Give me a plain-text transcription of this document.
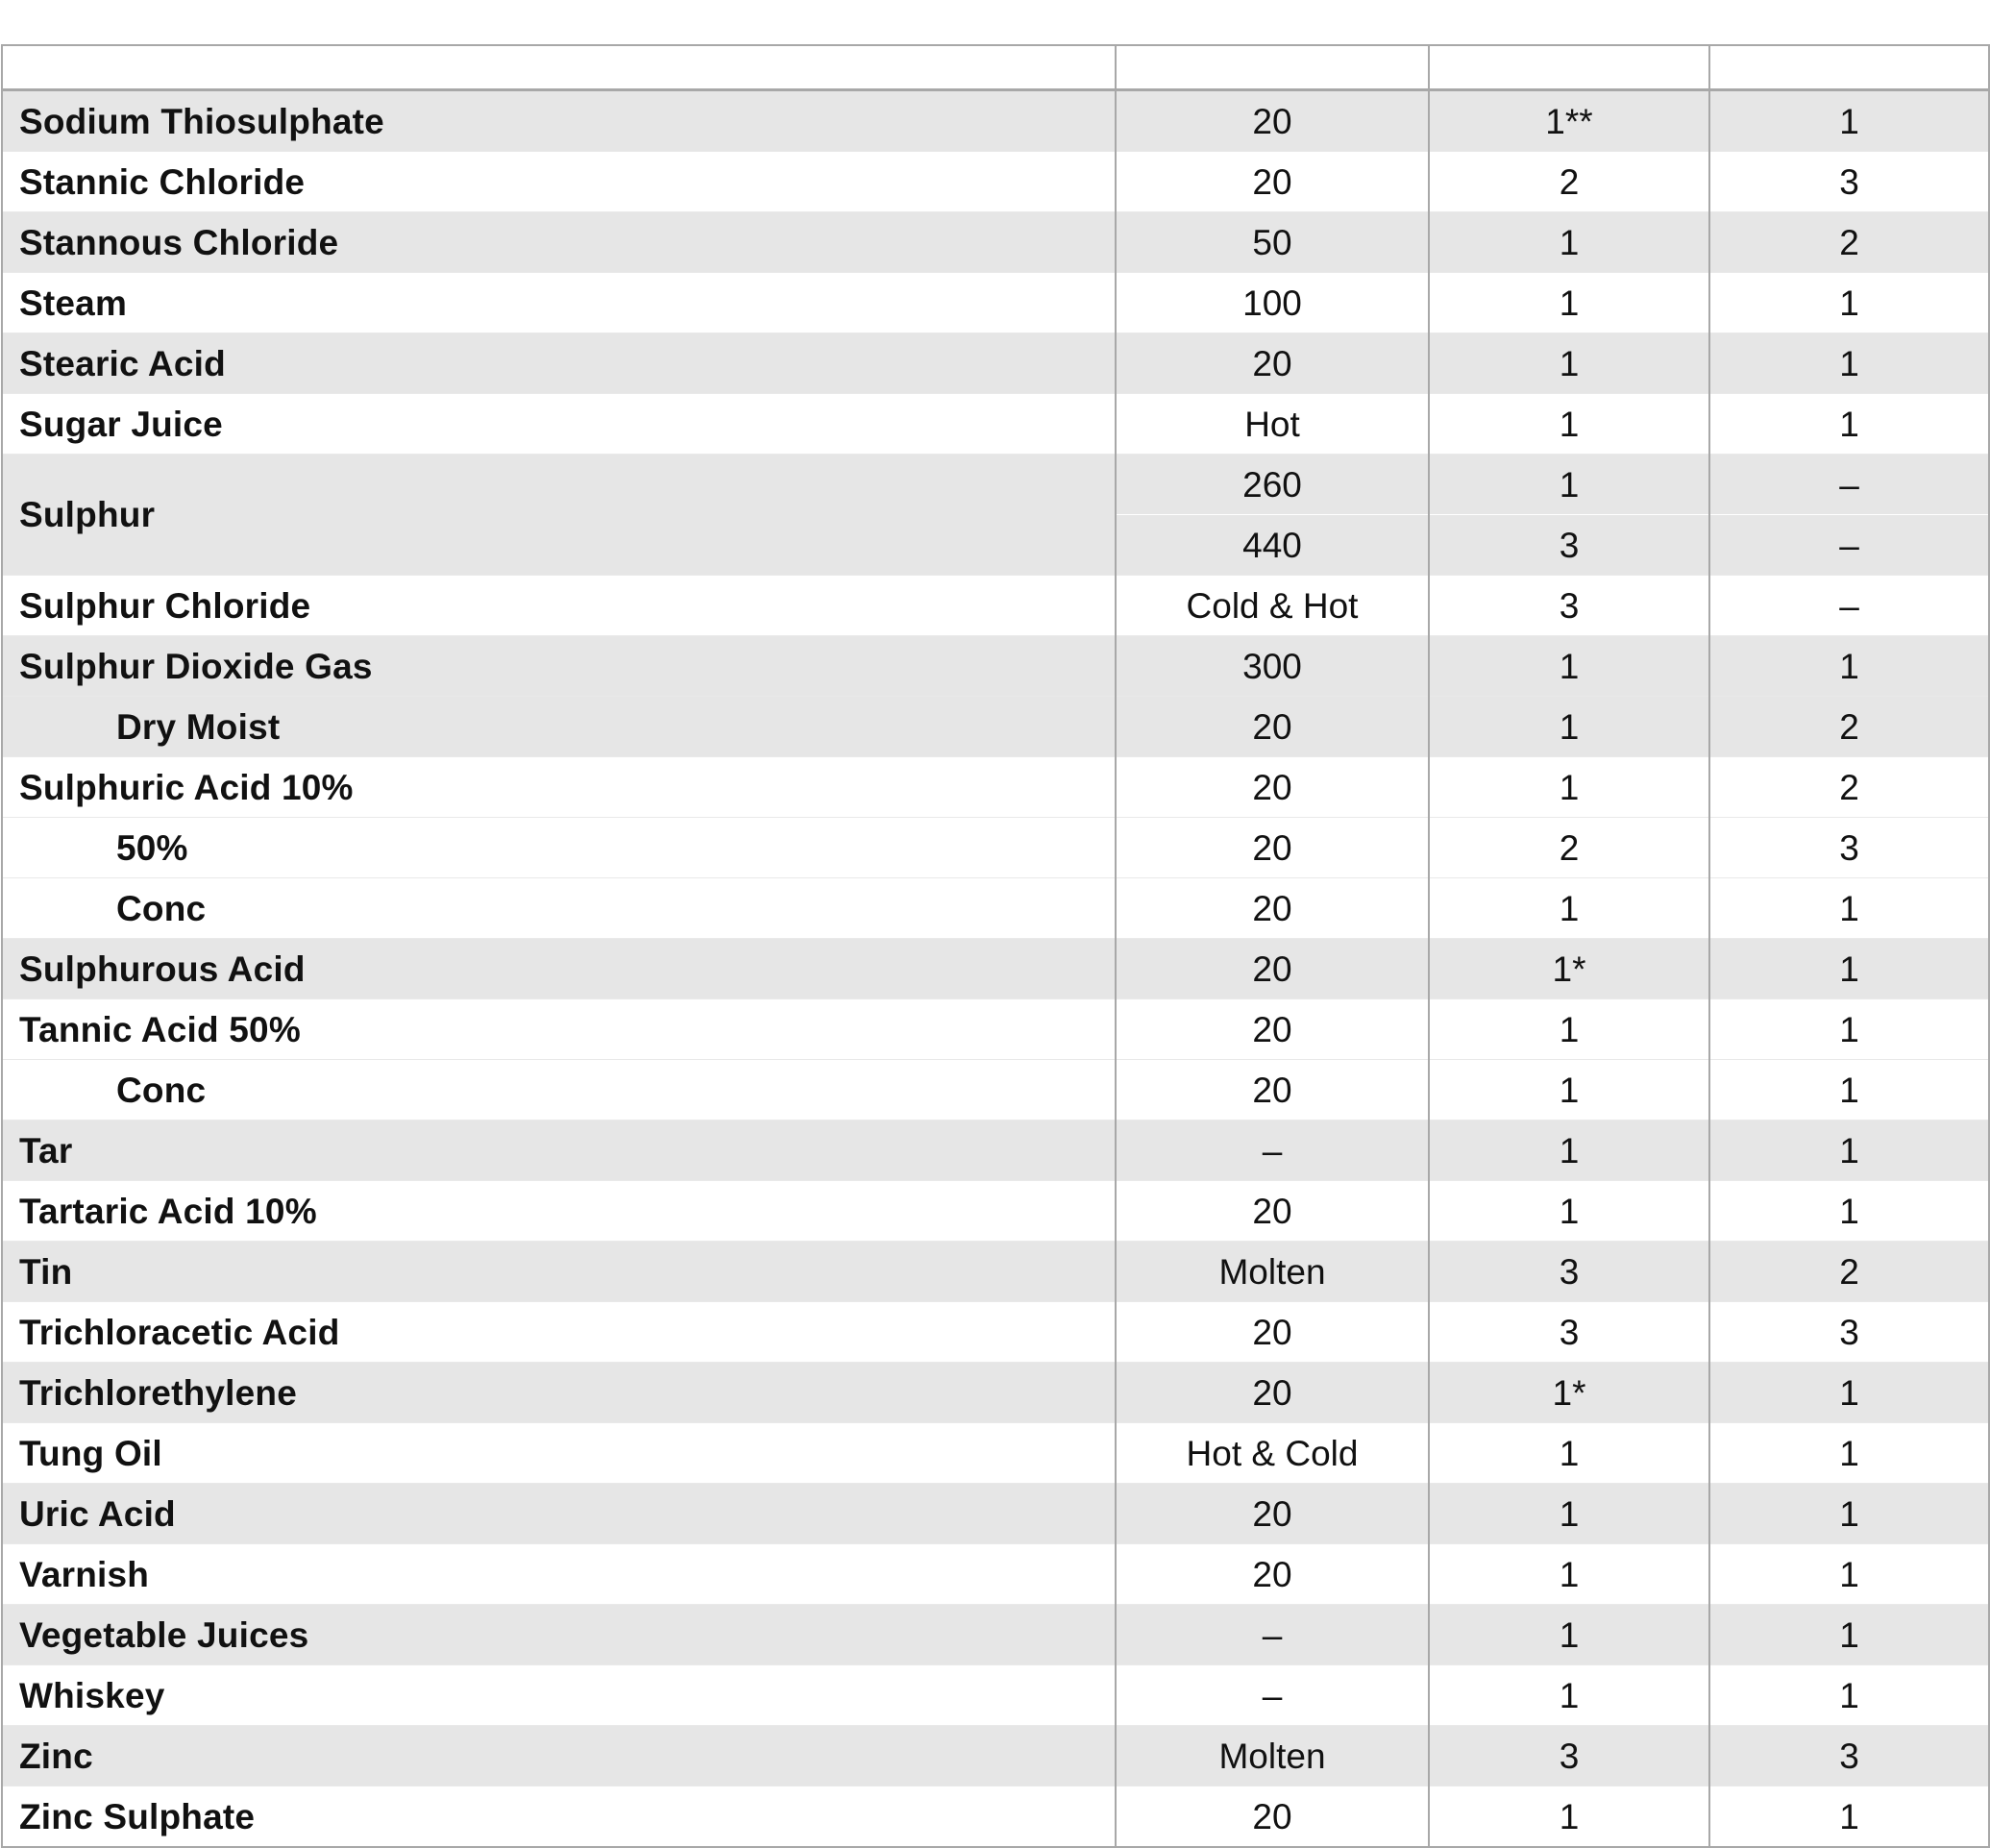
Sodium Thiosulphate	20	1**	1
Stannic Chloride	20	2	3
Stannous Chloride	50	1	2
Steam	100	1	1
Stearic Acid	20	1	1
Sugar Juice	Hot	1	1
Sulphur	260	1	–
	440	3	–
Sulphur Chloride	Cold & Hot	3	–
Sulphur Dioxide Gas	300	1	1
Dry Moist	20	1	2
Sulphuric Acid 10%	20	1	2
50%	20	2	3
Conc	20	1	1
Sulphurous Acid	20	1*	1
Tannic Acid 50%	20	1	1
Conc	20	1	1
Tar	–	1	1
Tartaric Acid 10%	20	1	1
Tin	Molten	3	2
Trichloracetic Acid	20	3	3
Trichlorethylene	20	1*	1
Tung Oil	Hot & Cold	1	1
Uric Acid	20	1	1
Varnish	20	1	1
Vegetable Juices	–	1	1
Whiskey	–	1	1
Zinc	Molten	3	3
Zinc Sulphate	20	1	1
